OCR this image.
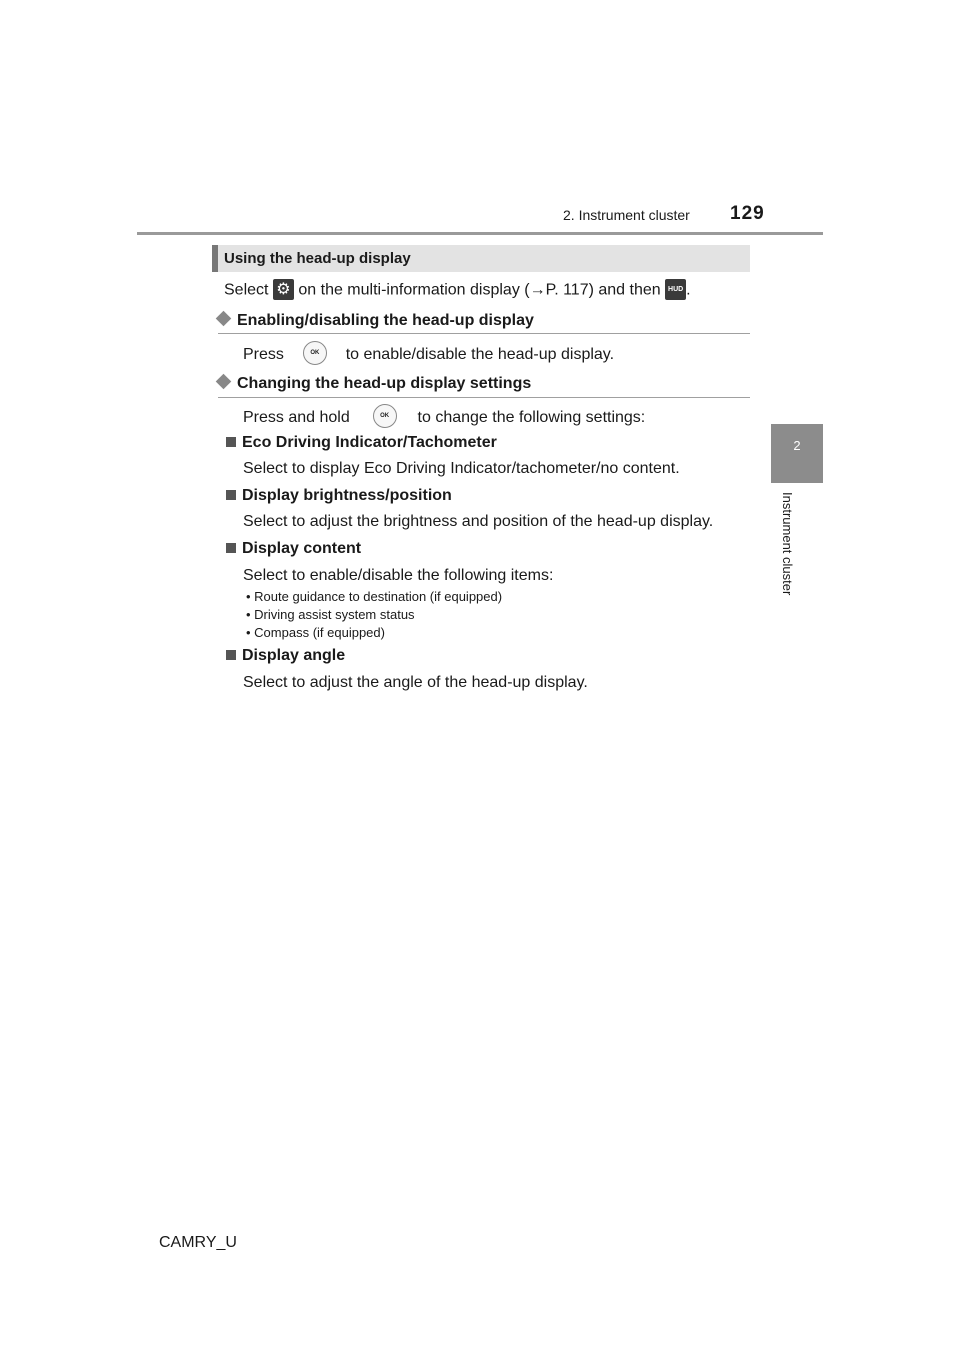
2. Instrument cluster 129
2
Instrument cluster
Using the head-up display
Select ⚙ on the multi-information display (→P. 117) and then	HUD .
Enabling/disabling the head-up display
Press	OK to enable/disable the head-up display.
Changing the head-up display settings
Press and hold	OK to change the following settings:
Eco Driving Indicator/Tachometer
Select to display Eco Driving Indicator/tachometer/no content.
Display brightness/position
Select to adjust the brightness and position of the head-up display.
Display content
Select to enable/disable the following items:
• Route guidance to destination (if equipped)
• Driving assist system status
• Compass (if equipped)
Display angle
Select to adjust the angle of the head-up display.
CAMRY_U
